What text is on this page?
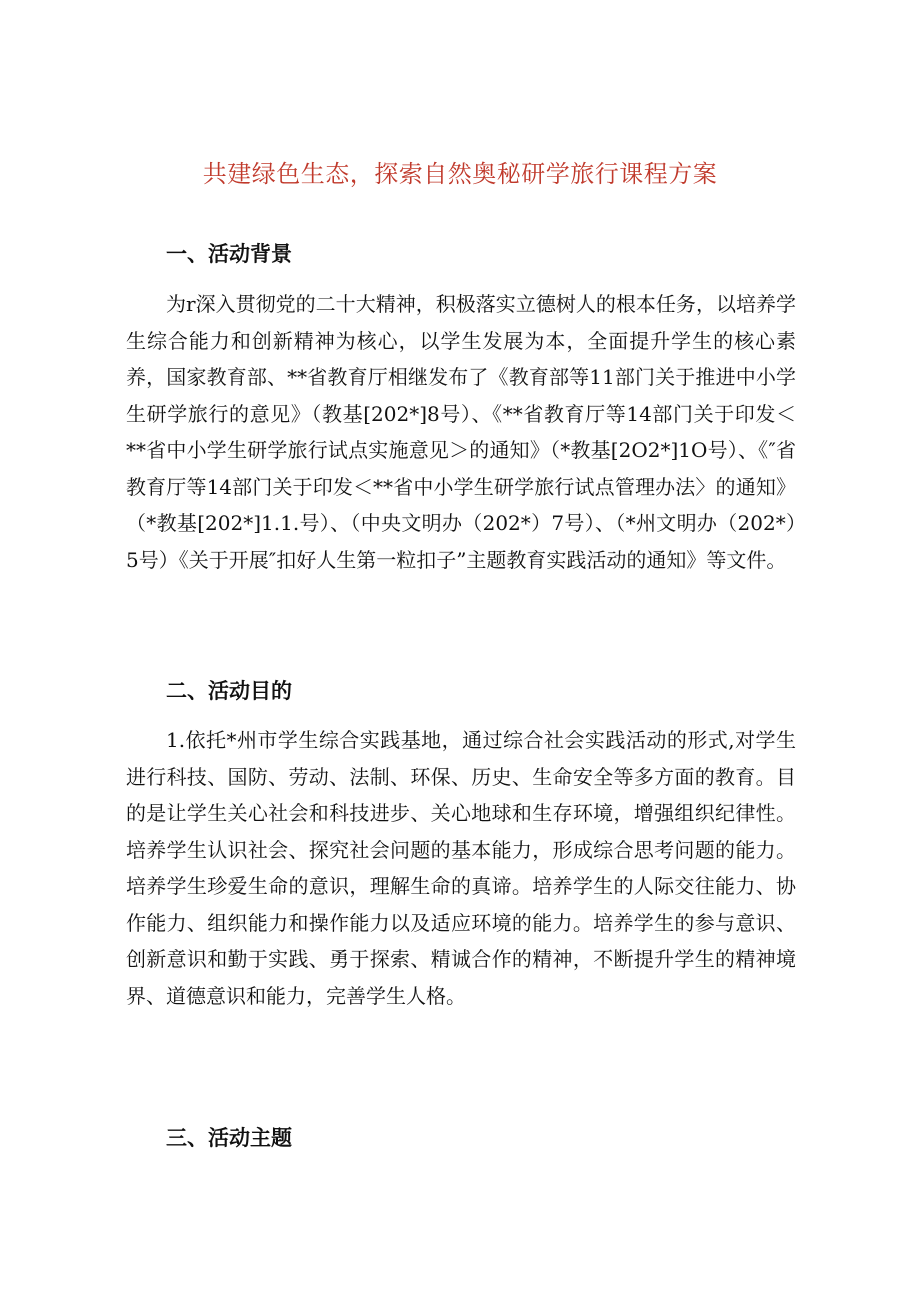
共建绿色生态，探索自然奥秘研学旅行课程方案
一、活动背景

为r深入贯彻党的二十大精神，积极落实立德树人的根本任务，以培养学生综合能力和创新精神为核心，以学生发展为本，全面提升学生的核心素养，国家教育部、**省教育厅相继发布了《教育部等11部门关于推进中小学生研学旅行的意见》（教基[202*]8号）、《**省教育厅等14部门关于印发＜**省中小学生研学旅行试点实施意见＞的通知》（*教基[2O2*]1O号）、《″省教育厅等14部门关于印发＜**省中小学生研学旅行试点管理办法〉的通知》（*教基[202*]1.1.号）、（中央文明办（202*）7号）、（*州文明办（202*）5号）《关于开展″扣好人生第一粒扣子”主题教育实践活动的通知》等文件。

二、活动目的

1.依托*州市学生综合实践基地，通过综合社会实践活动的形式,对学生进行科技、国防、劳动、法制、环保、历史、生命安全等多方面的教育。目的是让学生关心社会和科技进步、关心地球和生存环境，增强组织纪律性。培养学生认识社会、探究社会问题的基本能力，形成综合思考问题的能力。培养学生珍爱生命的意识，理解生命的真谛。培养学生的人际交往能力、协作能力、组织能力和操作能力以及适应环境的能力。培养学生的参与意识、创新意识和勤于实践、勇于探索、精诚合作的精神，不断提升学生的精神境界、道德意识和能力，完善学生人格。

三、活动主题
